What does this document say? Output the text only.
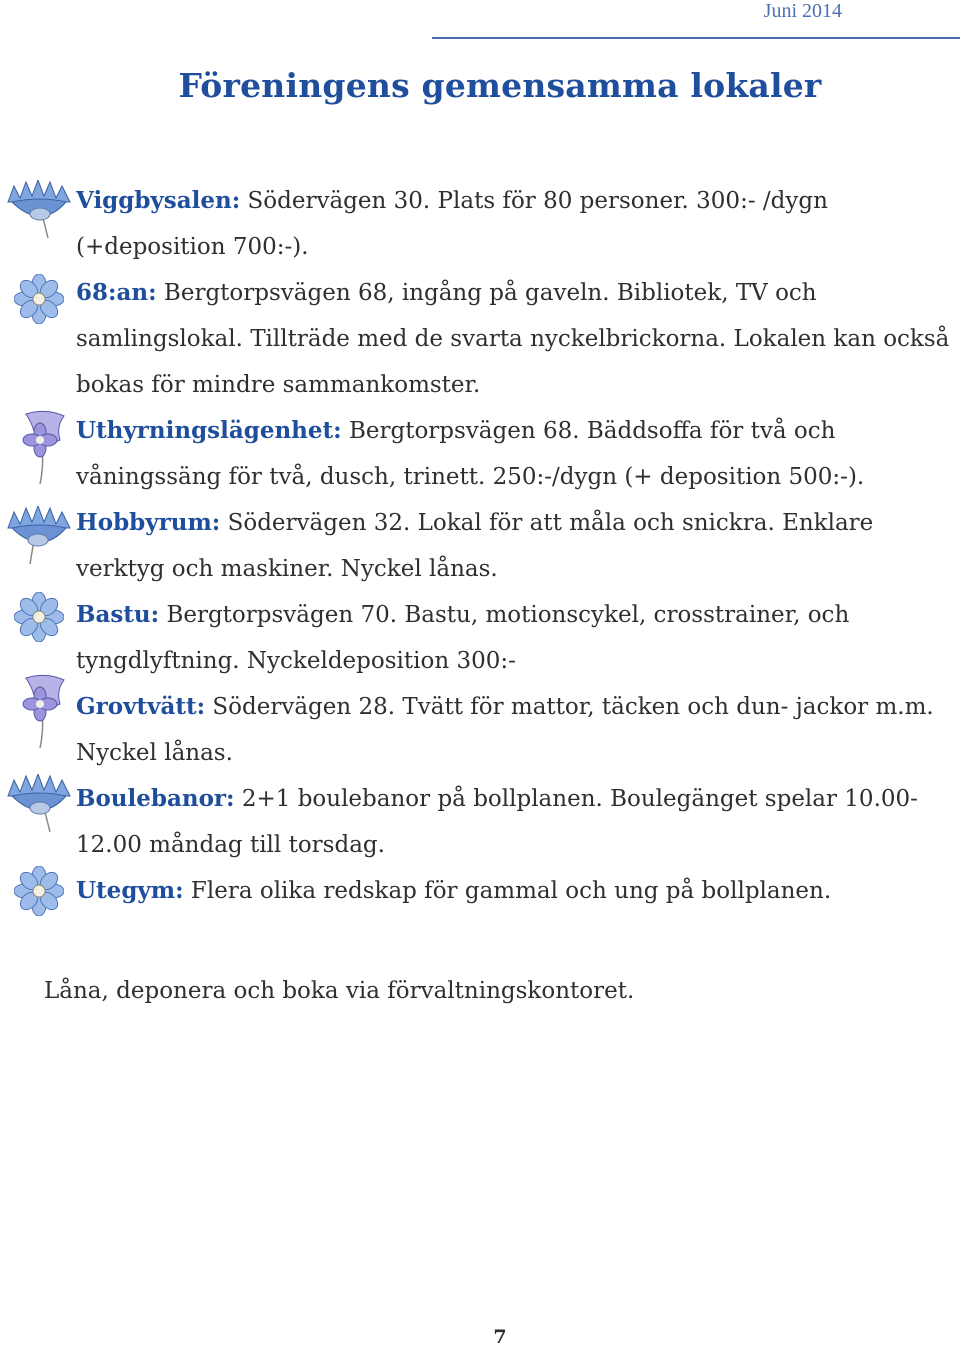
Juni 2014
Föreningens gemensamma lokaler

Viggbysalen: Södervägen 30. Plats för 80 personer. 300:- /dygn (+deposition 700:-).

68:an: Bergtorpsvägen 68, ingång på gaveln. Bibliotek, TV och samlingslokal. Tillträde med de svarta nyckelbrickorna. Lokalen kan också bokas för mindre sammankomster.

Uthyrningslägenhet: Bergtorpsvägen 68. Bäddsoffa för två och våningssäng för två, dusch, trinett. 250:-/dygn (+ deposition 500:-).

Hobbyrum: Södervägen 32. Lokal för att måla och snickra. Enklare verktyg och maskiner. Nyckel lånas.

Bastu: Bergtorpsvägen 70. Bastu, motionscykel, crosstrainer, och tyngdlyftning. Nyckeldeposition 300:-

Grovtvätt: Södervägen 28. Tvätt för mattor, täcken och dun- jackor m.m. Nyckel lånas.

Boulebanor: 2+1 boulebanor på bollplanen. Boulegänget spelar 10.00-12.00 måndag till torsdag.

Utegym: Flera olika redskap för gammal och ung på bollplanen.

Låna, deponera och boka via förvaltningskontoret.

7
